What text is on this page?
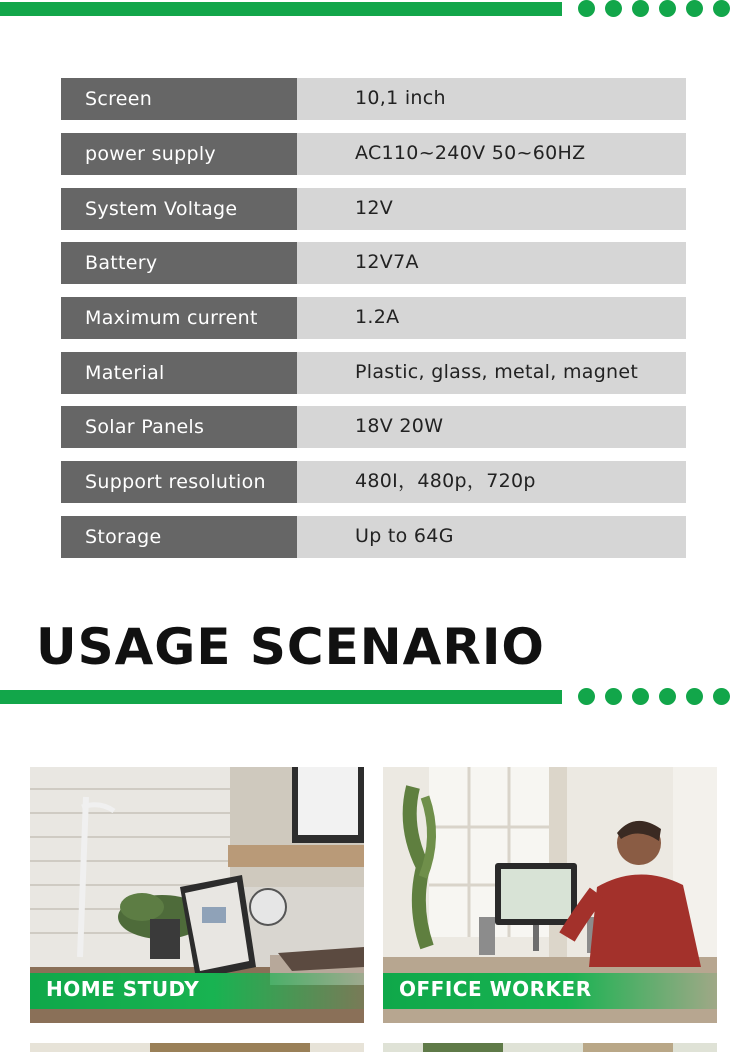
Screen	10,1 inch
power supply	AC110~240V 50~60HZ
System Voltage	12V
Battery	12V7A
Maximum current	1.2A
Material	Plastic, glass, metal, magnet
Solar Panels	18V 20W
Support resolution	480I，480p，720p
Storage	Up to 64G
USAGE SCENARIO
HOME STUDY	OFFICE WORKER
